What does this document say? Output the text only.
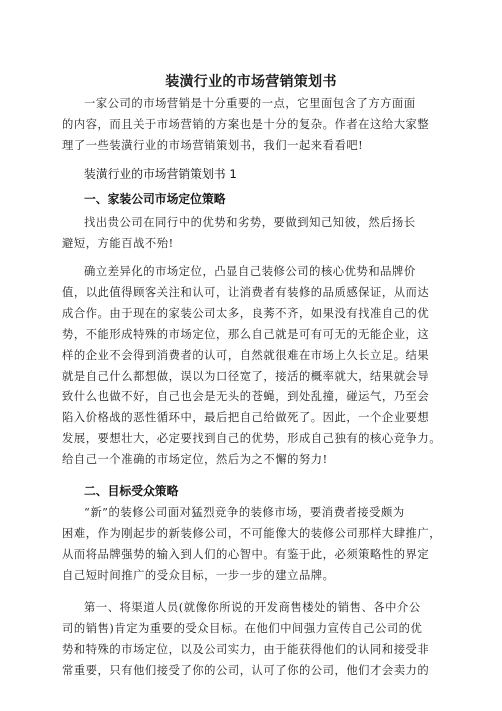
装潢行业的市场营销策划书
一家公司的市场营销是十分重要的一点，它里面包含了方方面面
的内容，而且关于市场营销的方案也是十分的复杂。作者在这给大家整
理了一些装潢行业的市场营销策划书，我们一起来看看吧!
装潢行业的市场营销策划书 1
一、家装公司市场定位策略
找出贵公司在同行中的优势和劣势，要做到知己知彼，然后扬长
避短，方能百战不殆!
确立差异化的市场定位，凸显自己装修公司的核心优势和品牌价
值，以此值得顾客关注和认可，让消费者有装修的品质感保证，从而达
成合作。由于现在的家装公司太多，良莠不齐，如果没有找准自己的优
势，不能形成特殊的市场定位，那么自己就是可有可无的无能企业，这
样的企业不会得到消费者的认可，自然就很难在市场上久长立足。结果
就是自己什么都想做，误以为口径宽了，接活的概率就大，结果就会导
致什么也做不好，自己也会是无头的苍蝇，到处乱撞，碰运气，乃至会
陷入价格战的恶性循环中，最后把自己给做死了。因此，一个企业要想
发展，要想壮大，必定要找到自己的优势，形成自己独有的核心竞争力。
给自己一个准确的市场定位，然后为之不懈的努力!
二、目标受众策略
“新”的装修公司面对猛烈竞争的装修市场，要消费者接受颇为
困难，作为刚起步的新装修公司，不可能像大的装修公司那样大肆推广，
从而将品牌强势的输入到人们的心智中。有鉴于此，必须策略性的界定
自己短时间推广的受众目标，一步一步的建立品牌。
第一、将渠道人员(就像你所说的开发商售楼处的销售、各中介公
司的销售)肯定为重要的受众目标。在他们中间强力宣传自己公司的优
势和特殊的市场定位，以及公司实力，由于能获得他们的认同和接受非
常重要，只有他们接受了你的公司，认可了你的公司，他们才会卖力的
